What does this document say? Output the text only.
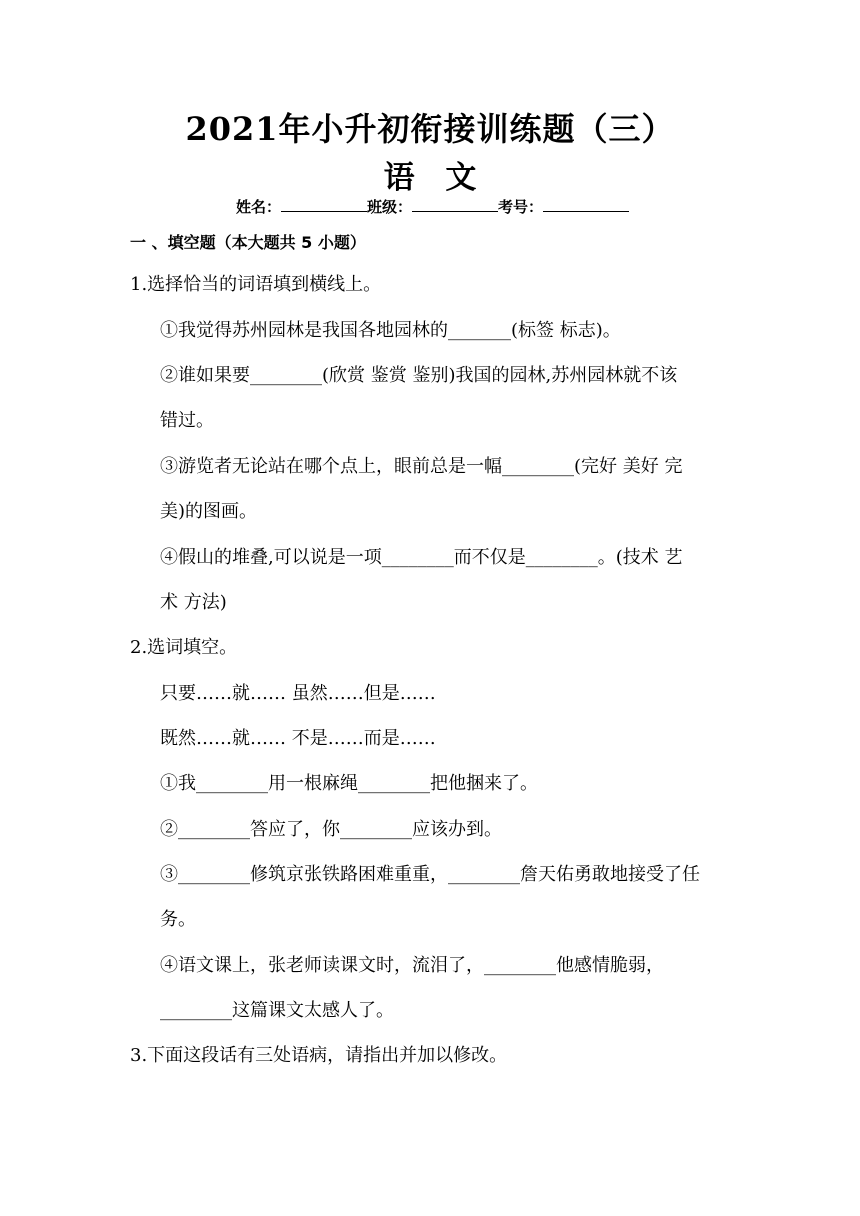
2021年小升初衔接训练题（三）
语 文
姓名：	班级：	考号：
一 、填空题（本大题共 5 小题）
1.选择恰当的词语填到横线上。
①我觉得苏州园林是我国各地园林的_______(标签 标志)。
②谁如果要________(欣赏 鉴赏 鉴别)我国的园林,苏州园林就不该
错过。
③游览者无论站在哪个点上，眼前总是一幅________(完好 美好 完
美)的图画。
④假山的堆叠,可以说是一项________而不仅是________。(技术 艺
术 方法)
2.选词填空。
只要……就…… 虽然……但是……
既然……就…… 不是……而是……
①我________用一根麻绳________把他捆来了。
②________答应了，你________应该办到。
③________修筑京张铁路困难重重，________詹天佑勇敢地接受了任
务。
④语文课上，张老师读课文时，流泪了，________他感情脆弱，
________这篇课文太感人了。
3.下面这段话有三处语病，请指出并加以修改。
